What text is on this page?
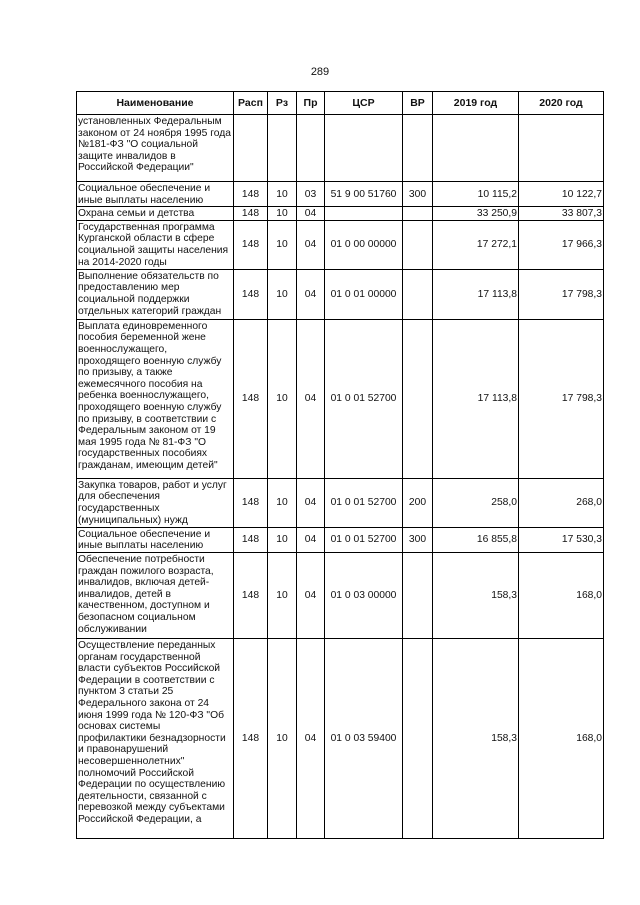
289
Наименование	Расп	Рз	Пр	ЦСР	ВР	2019 год	2020 год
установленных Федеральным законом от 24 ноября 1995 года №181-ФЗ "О социальной защите инвалидов в Российской Федерации"							
Социальное обеспечение и иные выплаты населению	148	10	03	51 9 00 51760	300	10 115,2	10 122,7
Охрана семьи и детства	148	10	04			33 250,9	33 807,3
Государственная программа Курганской области в сфере социальной защиты населения на 2014-2020 годы	148	10	04	01 0 00 00000		17 272,1	17 966,3
Выполнение обязательств по предоставлению мер социальной поддержки отдельных категорий граждан	148	10	04	01 0 01 00000		17 113,8	17 798,3
Выплата единовременного пособия беременной жене военнослужащего, проходящего военную службу по призыву, а также ежемесячного пособия на ребенка военнослужащего, проходящего военную службу по призыву, в соответствии с Федеральным законом от 19 мая 1995 года № 81-ФЗ "О государственных пособиях гражданам, имеющим детей"	148	10	04	01 0 01 52700		17 113,8	17 798,3
Закупка товаров, работ и услуг для обеспечения государственных (муниципальных) нужд	148	10	04	01 0 01 52700	200	258,0	268,0
Социальное обеспечение и иные выплаты населению	148	10	04	01 0 01 52700	300	16 855,8	17 530,3
Обеспечение потребности граждан пожилого возраста, инвалидов, включая детей-инвалидов, детей в качественном, доступном и безопасном социальном обслуживании	148	10	04	01 0 03 00000		158,3	168,0
Осуществление переданных органам государственной власти субъектов Российской Федерации в соответствии с пунктом 3 статьи 25 Федерального закона от 24 июня 1999 года № 120-ФЗ "Об основах системы профилактики безнадзорности и правонарушений несовершеннолетних" полномочий Российской Федерации по осуществлению деятельности, связанной с перевозкой между субъектами Российской Федерации, а	148	10	04	01 0 03 59400		158,3	168,0
